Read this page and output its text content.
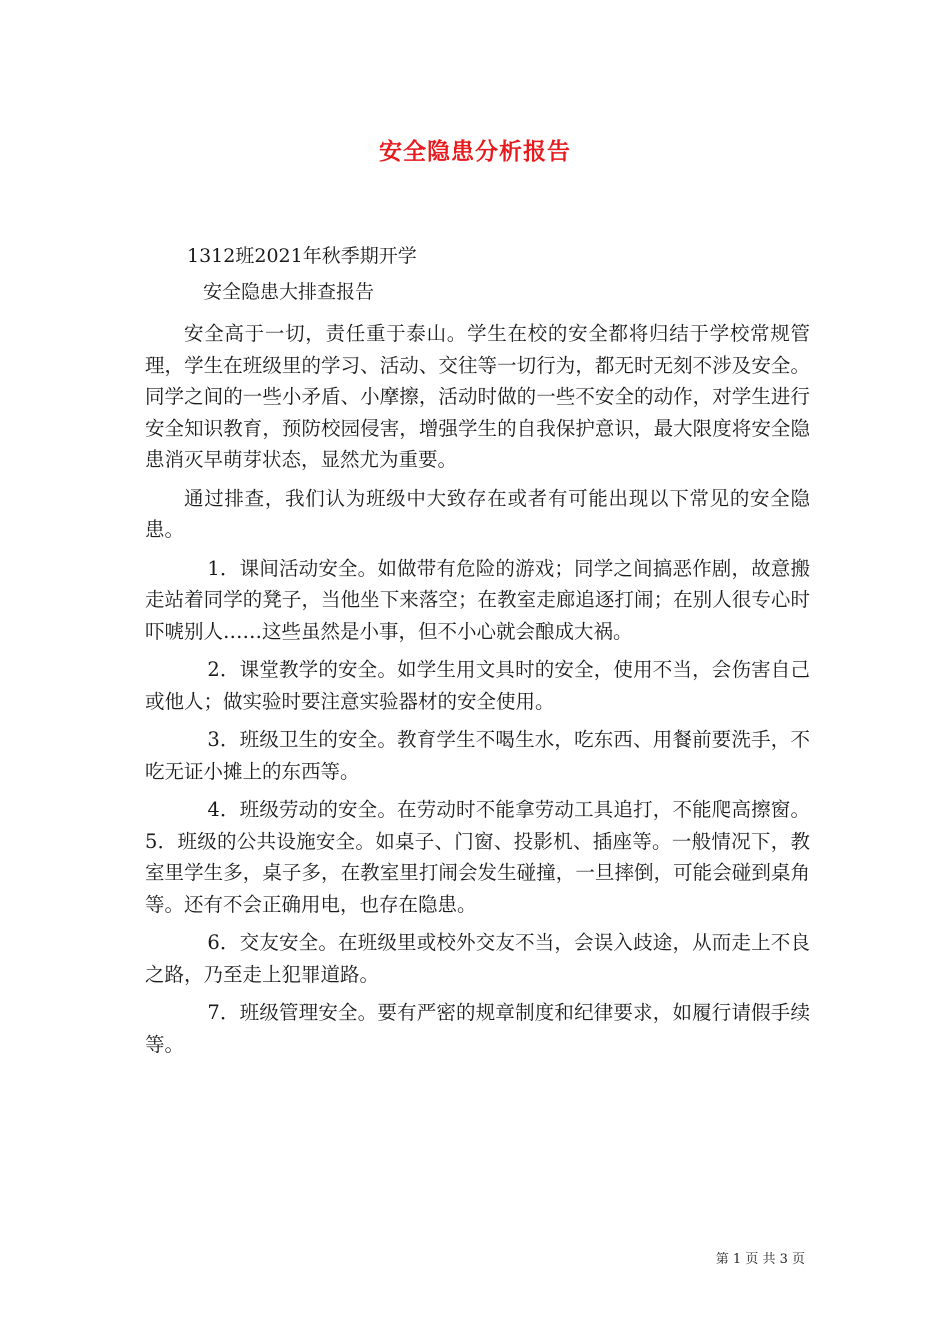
安全隐患分析报告
1312班2021年秋季期开学
安全隐患大排查报告

安全高于一切，责任重于泰山。学生在校的安全都将归结于学校常规管理，学生在班级里的学习、活动、交往等一切行为，都无时无刻不涉及安全。同学之间的一些小矛盾、小摩擦，活动时做的一些不安全的动作，对学生进行安全知识教育，预防校园侵害，增强学生的自我保护意识，最大限度将安全隐患消灭早萌芽状态，显然尤为重要。

通过排查，我们认为班级中大致存在或者有可能出现以下常见的安全隐患。

1．课间活动安全。如做带有危险的游戏；同学之间搞恶作剧，故意搬走站着同学的凳子，当他坐下来落空；在教室走廊追逐打闹；在别人很专心时吓唬别人……这些虽然是小事，但不小心就会酿成大祸。

2．课堂教学的安全。如学生用文具时的安全，使用不当，会伤害自己或他人；做实验时要注意实验器材的安全使用。

3．班级卫生的安全。教育学生不喝生水，吃东西、用餐前要洗手，不吃无证小摊上的东西等。

4．班级劳动的安全。在劳动时不能拿劳动工具追打，不能爬高擦窗。 5．班级的公共设施安全。如桌子、门窗、投影机、插座等。一般情况下，教室里学生多，桌子多，在教室里打闹会发生碰撞，一旦摔倒，可能会碰到桌角等。还有不会正确用电，也存在隐患。

6．交友安全。在班级里或校外交友不当，会误入歧途，从而走上不良之路，乃至走上犯罪道路。

7．班级管理安全。要有严密的规章制度和纪律要求，如履行请假手续等。

第 1 页 共 3 页
